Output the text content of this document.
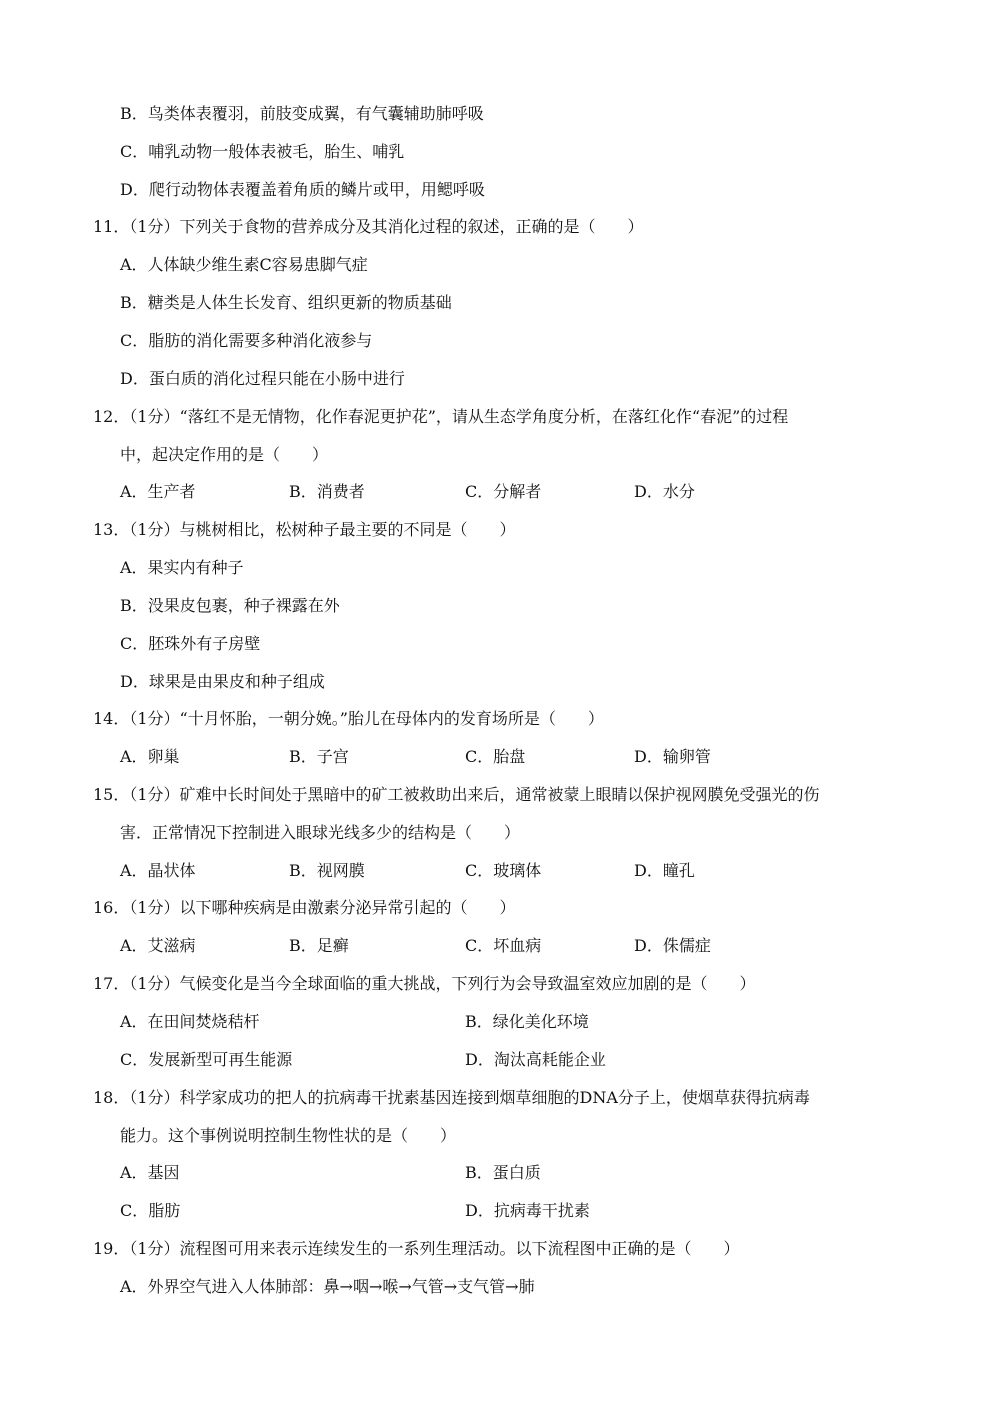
B．鸟类体表覆羽，前肢变成翼，有气囊辅助肺呼吸
C．哺乳动物一般体表被毛，胎生、哺乳
D．爬行动物体表覆盖着角质的鳞片或甲，用鳃呼吸
11．（1分）下列关于食物的营养成分及其消化过程的叙述，正确的是（　　）
A．人体缺少维生素C容易患脚气症
B．糖类是人体生长发育、组织更新的物质基础
C．脂肪的消化需要多种消化液参与
D．蛋白质的消化过程只能在小肠中进行
12．（1分）“落红不是无情物，化作春泥更护花”，请从生态学角度分析，在落红化作“春泥”的过程
中，起决定作用的是（　　）
A．生产者	B．消费者	C．分解者	D．水分
13．（1分）与桃树相比，松树种子最主要的不同是（　　）
A．果实内有种子
B．没果皮包裹，种子裸露在外
C．胚珠外有子房壁
D．球果是由果皮和种子组成
14．（1分）“十月怀胎，一朝分娩。”胎儿在母体内的发育场所是（　　）
A．卵巢	B．子宫	C．胎盘	D．输卵管
15．（1分）矿难中长时间处于黑暗中的矿工被救助出来后，通常被蒙上眼睛以保护视网膜免受强光的伤
害．正常情况下控制进入眼球光线多少的结构是（　　）
A．晶状体	B．视网膜	C．玻璃体	D．瞳孔
16．（1分）以下哪种疾病是由激素分泌异常引起的（　　）
A．艾滋病	B．足癣	C．坏血病	D．侏儒症
17．（1分）气候变化是当今全球面临的重大挑战，下列行为会导致温室效应加剧的是（　　）
A．在田间焚烧秸杆	B．绿化美化环境
C．发展新型可再生能源	D．淘汰高耗能企业
18．（1分）科学家成功的把人的抗病毒干扰素基因连接到烟草细胞的DNA分子上，使烟草获得抗病毒
能力。这个事例说明控制生物性状的是（　　）
A．基因	B．蛋白质
C．脂肪	D．抗病毒干扰素
19．（1分）流程图可用来表示连续发生的一系列生理活动。以下流程图中正确的是（　　）
A．外界空气进入人体肺部：鼻→咽→喉→气管→支气管→肺
